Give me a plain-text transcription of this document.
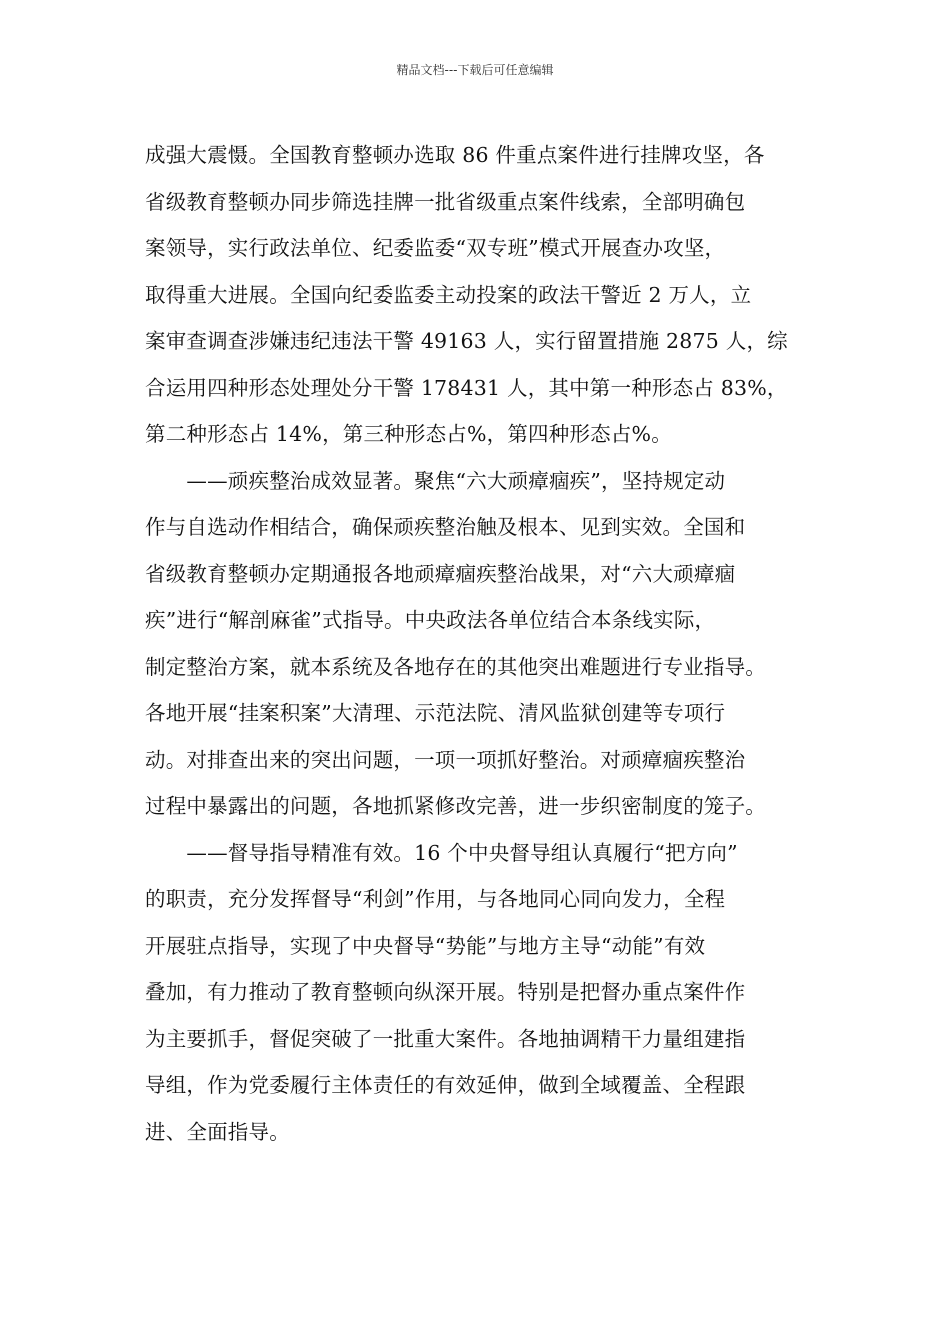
精品文档---下载后可任意编辑
成强大震慑。全国教育整顿办选取 86 件重点案件进行挂牌攻坚，各
省级教育整顿办同步筛选挂牌一批省级重点案件线索，全部明确包
案领导，实行政法单位、纪委监委“双专班”模式开展查办攻坚，
取得重大进展。全国向纪委监委主动投案的政法干警近 2 万人，立
案审查调查涉嫌违纪违法干警 49163 人，实行留置措施 2875 人，综
合运用四种形态处理处分干警 178431 人，其中第一种形态占 83%，
第二种形态占 14%，第三种形态占%，第四种形态占%。
　　——顽疾整治成效显著。聚焦“六大顽瘴痼疾”，坚持规定动
作与自选动作相结合，确保顽疾整治触及根本、见到实效。全国和
省级教育整顿办定期通报各地顽瘴痼疾整治战果，对“六大顽瘴痼
疾”进行“解剖麻雀”式指导。中央政法各单位结合本条线实际，
制定整治方案，就本系统及各地存在的其他突出难题进行专业指导。
各地开展“挂案积案”大清理、示范法院、清风监狱创建等专项行
动。对排查出来的突出问题，一项一项抓好整治。对顽瘴痼疾整治
过程中暴露出的问题，各地抓紧修改完善，进一步织密制度的笼子。
　　——督导指导精准有效。16 个中央督导组认真履行“把方向”
的职责，充分发挥督导“利剑”作用，与各地同心同向发力，全程
开展驻点指导，实现了中央督导“势能”与地方主导“动能”有效
叠加，有力推动了教育整顿向纵深开展。特别是把督办重点案件作
为主要抓手，督促突破了一批重大案件。各地抽调精干力量组建指
导组，作为党委履行主体责任的有效延伸，做到全域覆盖、全程跟
进、全面指导。
